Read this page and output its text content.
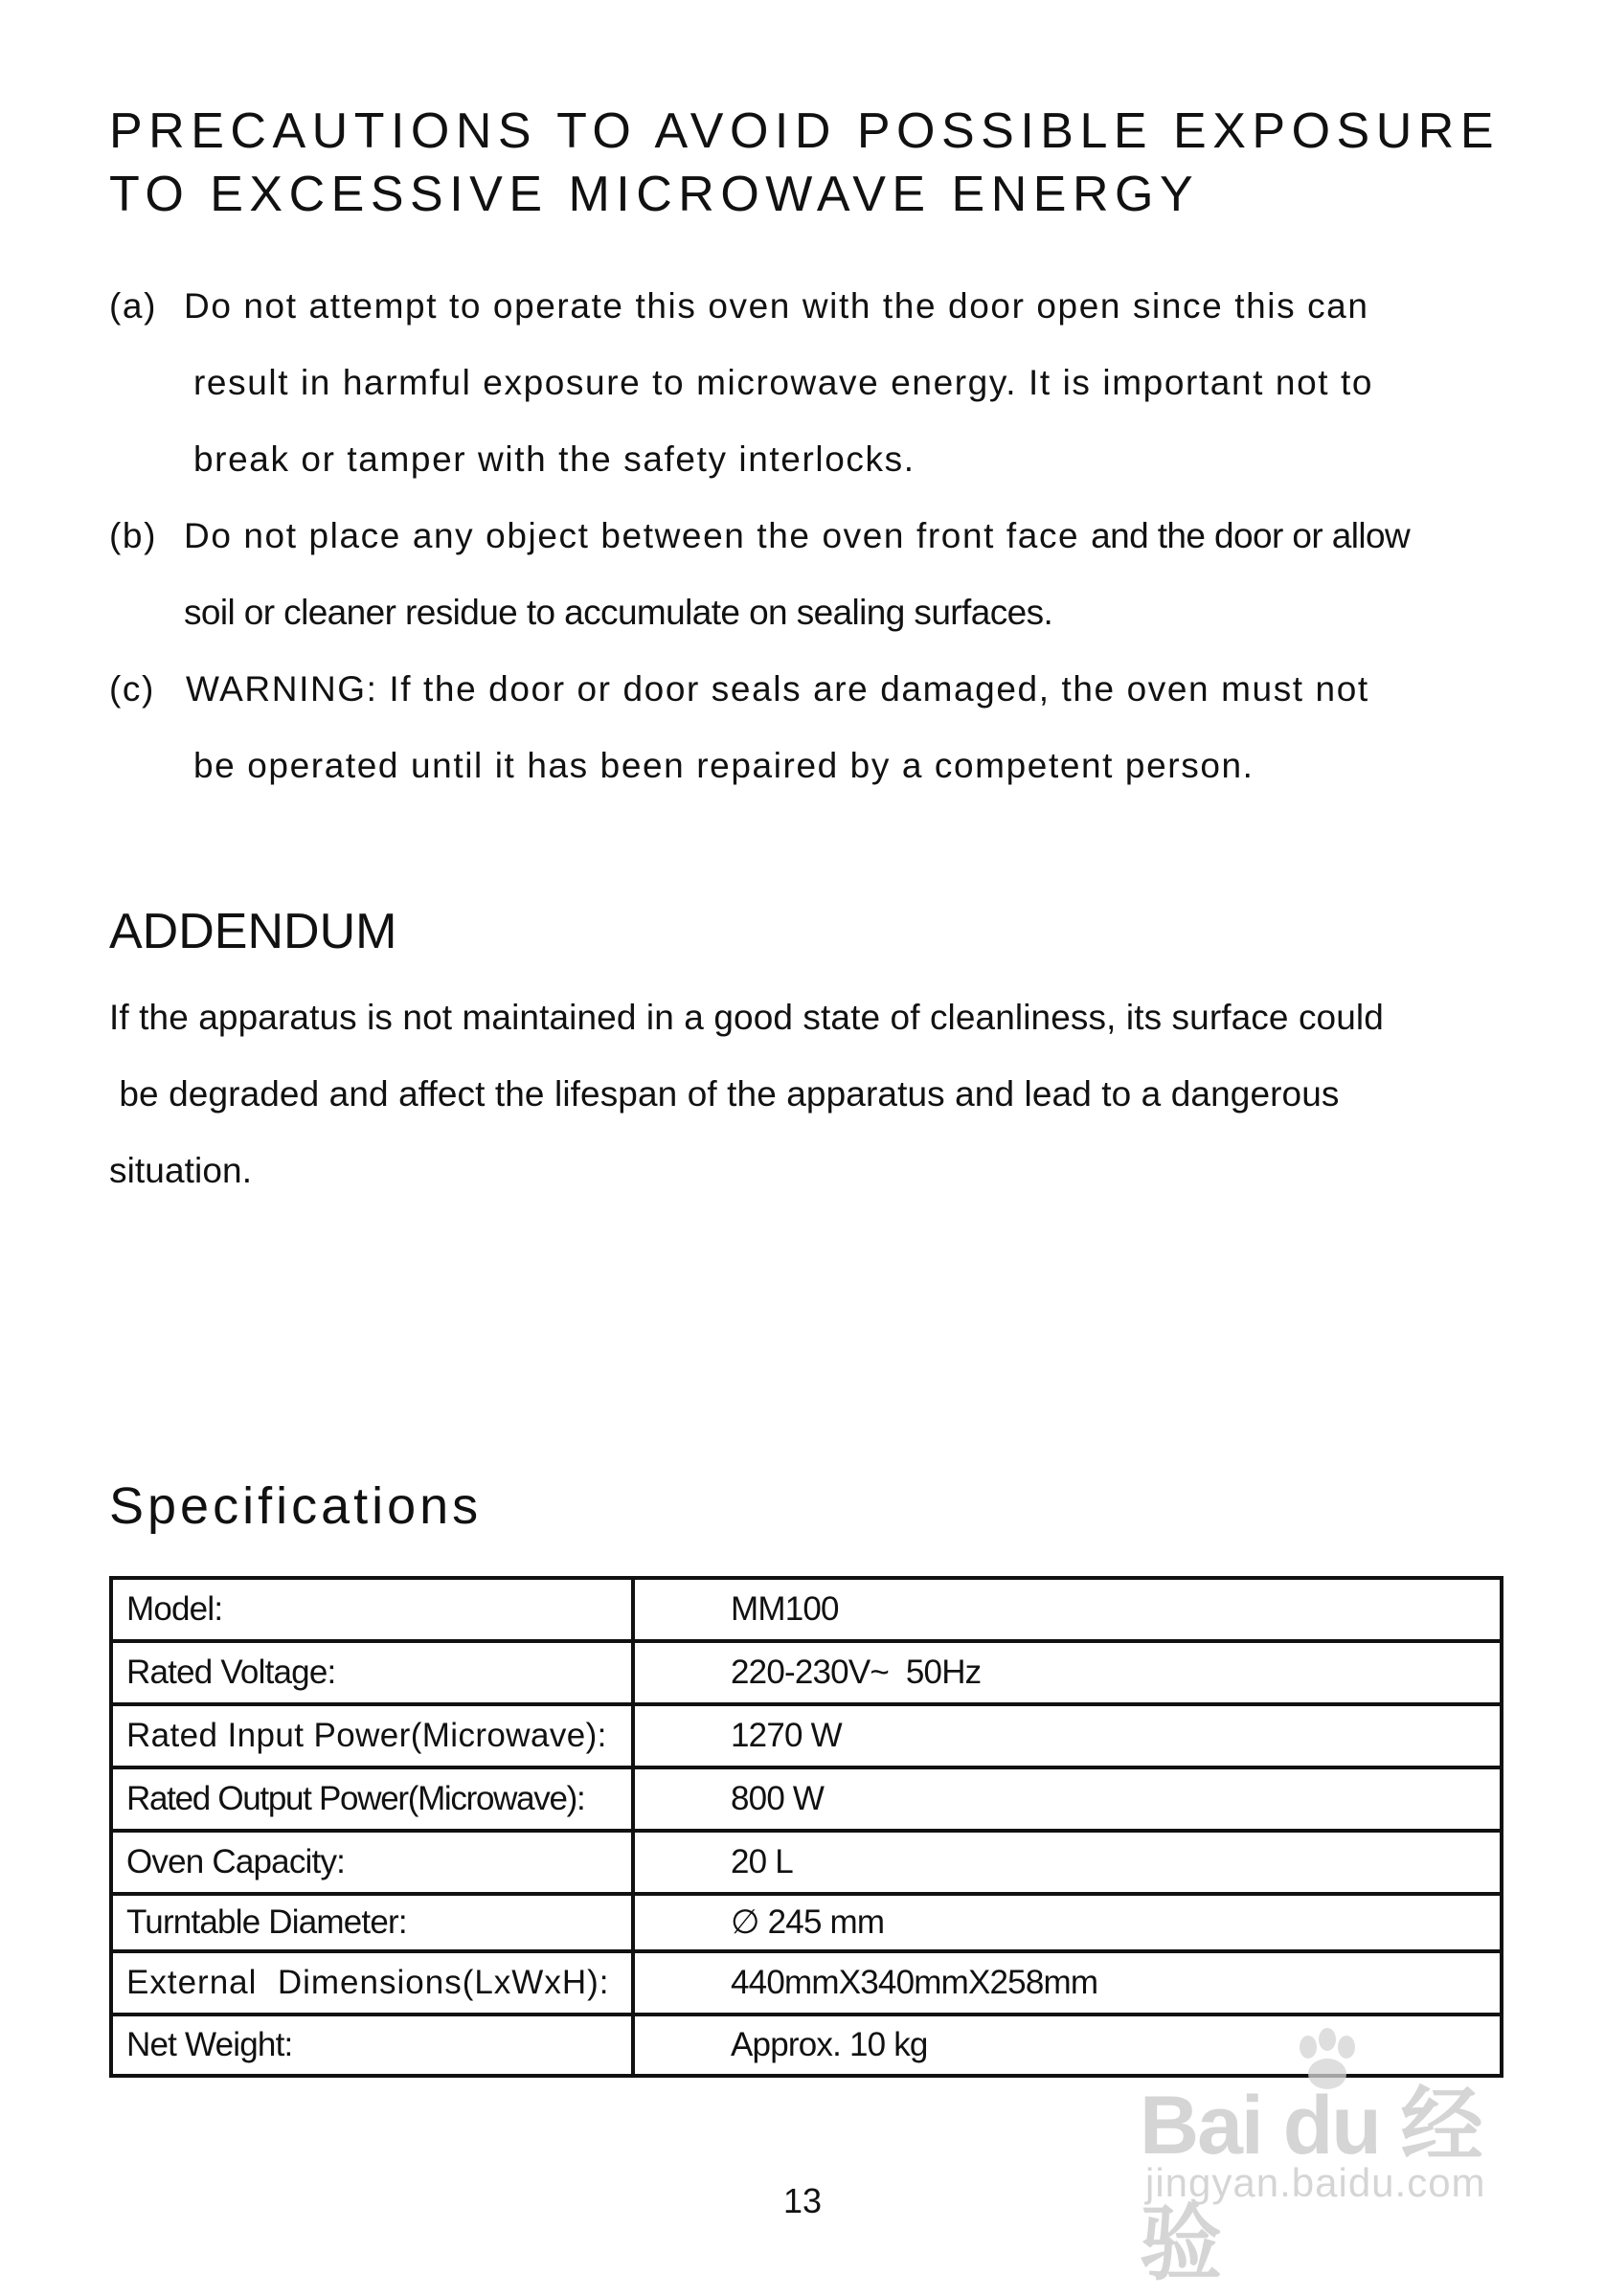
PRECAUTIONS TO AVOID POSSIBLE EXPOSURE
TO EXCESSIVE MICROWAVE ENERGY
(a) Do not attempt to operate this oven with the door open since this can
result in harmful exposure to microwave energy. It is important not to
break or tamper with the safety interlocks.
(b) Do not place any object between the oven front face and the door or allow
soil or cleaner residue to accumulate on sealing surfaces.
(c) WARNING: If the door or door seals are damaged, the oven must not
be operated until it has been repaired by a competent person.
ADDENDUM
If the apparatus is not maintained in a good state of cleanliness, its surface could
be degraded and affect the lifespan of the apparatus and lead to a dangerous
situation.
Specifications
Model:	MM100
Rated Voltage:	220-230V~  50Hz
Rated Input Power(Microwave):	1270 W
Rated Output Power(Microwave):	800 W
Oven Capacity:	20 L
Turntable Diameter:	∅ 245 mm
External  Dimensions(LxWxH):	440mmX340mmX258mm
Net Weight:	Approx. 10 kg
13
Bai du 经验
jingyan.baidu.com
